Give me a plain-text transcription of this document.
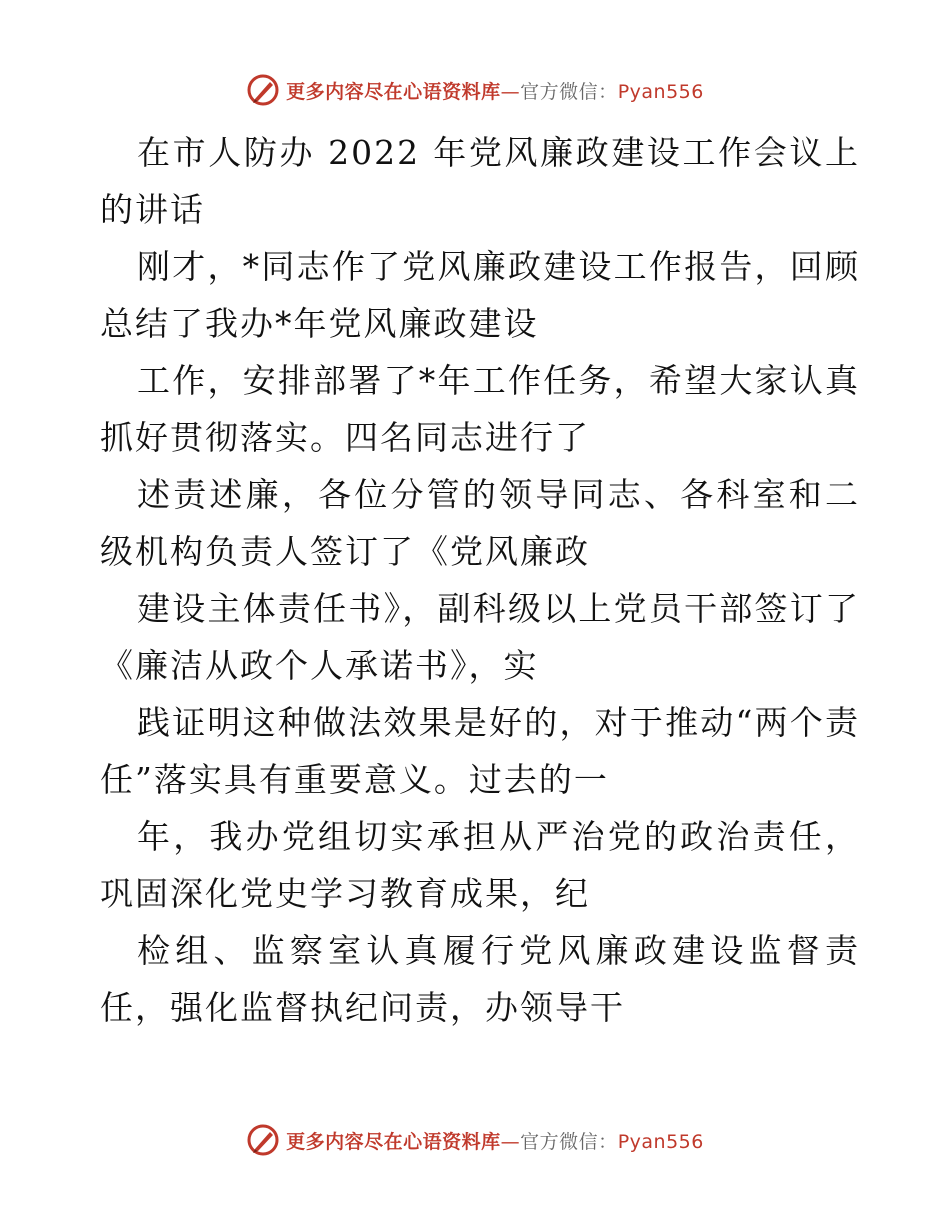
更多内容尽在心语资料库—官方微信：Pyan556

在市人防办 2022 年党风廉政建设工作会议上的讲话

刚才，*同志作了党风廉政建设工作报告，回顾总结了我办*年党风廉政建设

工作，安排部署了*年工作任务，希望大家认真抓好贯彻落实。四名同志进行了

述责述廉，各位分管的领导同志、各科室和二级机构负责人签订了《党风廉政

建设主体责任书》，副科级以上党员干部签订了《廉洁从政个人承诺书》，实

践证明这种做法效果是好的，对于推动“两个责任”落实具有重要意义。过去的一

年，我办党组切实承担从严治党的政治责任，巩固深化党史学习教育成果，纪

检组、监察室认真履行党风廉政建设监督责任，强化监督执纪问责，办领导干

更多内容尽在心语资料库—官方微信：Pyan556
